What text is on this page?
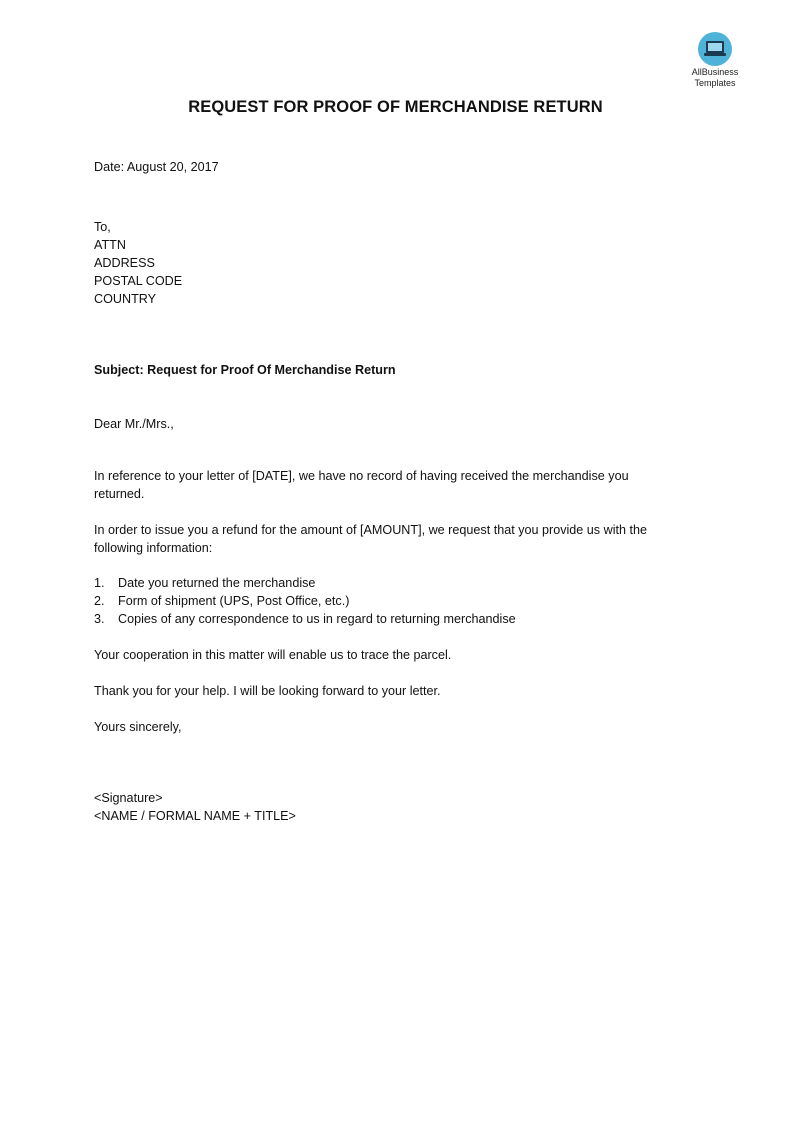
AllBusiness
Templates
REQUEST FOR PROOF OF MERCHANDISE RETURN
Date: August 20, 2017
To,
ATTN
ADDRESS
POSTAL CODE
COUNTRY
Subject: Request for Proof Of Merchandise Return
Dear Mr./Mrs.,
In reference to your letter of [DATE], we have no record of having received the merchandise you
returned.
In order to issue you a refund for the amount of [AMOUNT], we request that you provide us with the
following information:
1. Date you returned the merchandise
2. Form of shipment (UPS, Post Office, etc.)
3. Copies of any correspondence to us in regard to returning merchandise
Your cooperation in this matter will enable us to trace the parcel.
Thank you for your help. I will be looking forward to your letter.
Yours sincerely,
<Signature>
<NAME / FORMAL NAME + TITLE>
